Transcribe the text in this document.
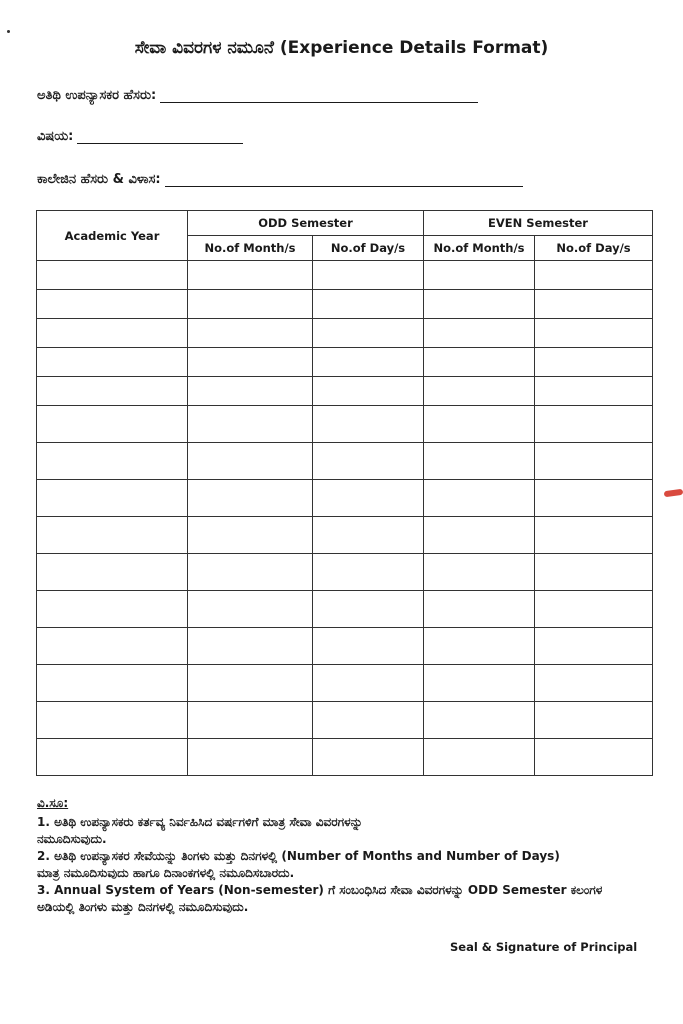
ಸೇವಾ ವಿವರಗಳ ನಮೂನೆ (Experience Details Format)
ಅತಿಥಿ ಉಪನ್ಯಾಸಕರ ಹೆಸರು:
ವಿಷಯ:
ಕಾಲೇಜಿನ ಹೆಸರು & ವಿಳಾಸ:
Academic Year	ODD Semester		EVEN Semester	
	No.of Month/s	No.of Day/s	No.of Month/s	No.of Day/s

ವಿ.ಸೂ:
1. ಅತಿಥಿ ಉಪನ್ಯಾಸಕರು ಕರ್ತವ್ಯ ನಿರ್ವಹಿಸಿದ ವರ್ಷಗಳಿಗೆ ಮಾತ್ರ ಸೇವಾ ವಿವರಗಳನ್ನು
ನಮೂದಿಸುವುದು.
2. ಅತಿಥಿ ಉಪನ್ಯಾಸಕರ ಸೇವೆಯನ್ನು ತಿಂಗಳು ಮತ್ತು ದಿನಗಳಲ್ಲಿ (Number of Months and Number of Days)
ಮಾತ್ರ ನಮೂದಿಸುವುದು ಹಾಗೂ ದಿನಾಂಕಗಳಲ್ಲಿ ನಮೂದಿಸಬಾರದು.
3. Annual System of Years (Non-semester) ಗೆ ಸಂಬಂಧಿಸಿದ ಸೇವಾ ವಿವರಗಳನ್ನು ODD Semester ಕಲಂಗಳ
ಅಡಿಯಲ್ಲಿ ತಿಂಗಳು ಮತ್ತು ದಿನಗಳಲ್ಲಿ ನಮೂದಿಸುವುದು.
Seal & Signature of Principal
